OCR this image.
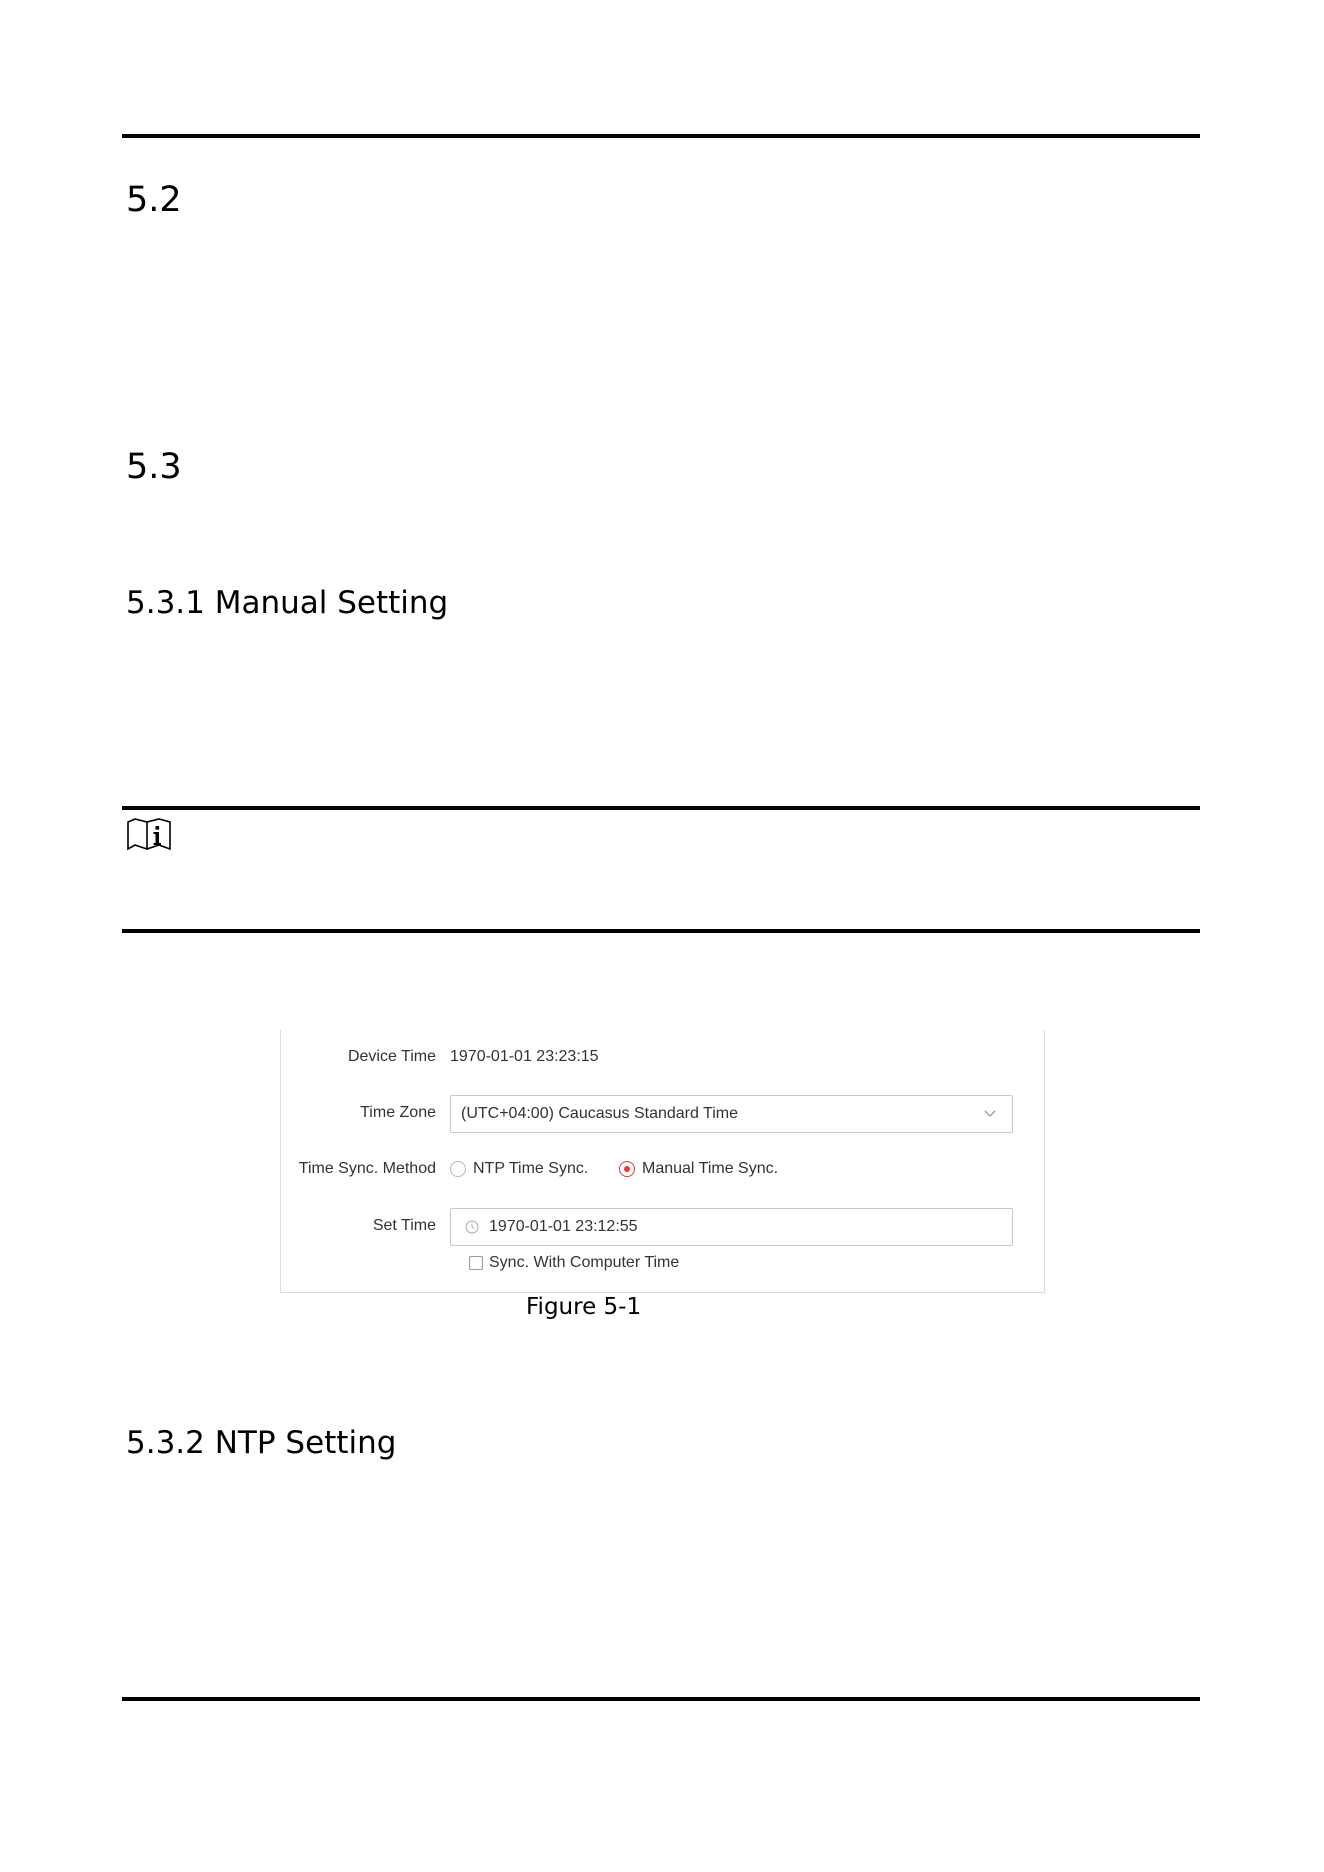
5.2
5.3
5.3.1 Manual Setting
Device Time 1970-01-01 23:23:15
Time Zone (UTC+04:00) Caucasus Standard Time
Time Sync. Method NTP Time Sync.	Manual Time Sync.
Set Time	1970-01-01 23:12:55
Sync. With Computer Time
Figure 5-1
5.3.2 NTP Setting
